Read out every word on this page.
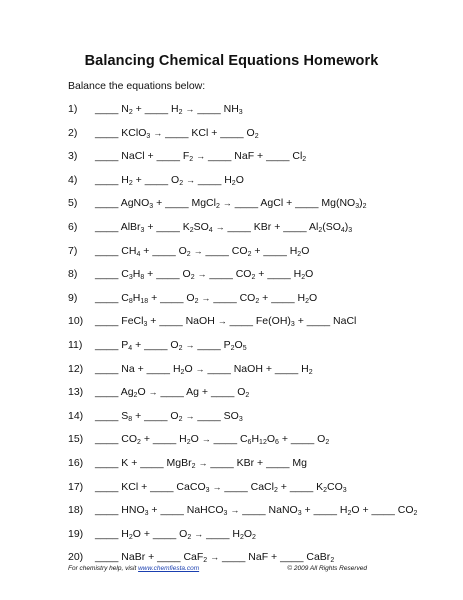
Balancing Chemical Equations Homework
Balance the equations below:
1) ____ $N_2$ + ____ $H_2$ → ____ $NH_3$
2) ____ KClO$_3$ → ____ KCl + ____ $O_2$
3) ____ NaCl + ____ $F_2$ → ____ NaF + ____ $Cl_2$
4) ____ $H_2$ + ____ $O_2$ → ____ $H_2O$
5) ____ AgNO$_3$ + ____ MgCl$_2$ → ____ AgCl + ____ $Mg(NO_3)_2$
6) ____ AlBr$_3$ + ____ $K_2SO_4$ → ____ KBr + ____ $Al_2(SO_4)_3$
7) ____ $CH_4$ + ____ $O_2$ → ____ $CO_2$ + ____ $H_2O$
8) ____ $C_3H_8$ + ____ $O_2$ → ____ $CO_2$ + ____ $H_2O$
9) ____ $C_8H_{18}$ + ____ $O_2$ → ____ $CO_2$ + ____ $H_2O$
10) ____ FeCl$_3$ + ____ NaOH → ____ $Fe(OH)_3$ + ____ NaCl
11) ____ $P_4$ + ____ $O_2$ → ____ $P_2O_5$
12) ____ Na + ____ $H_2O$ → ____ NaOH + ____ $H_2$
13) ____ $Ag_2O$ → ____ Ag + ____ $O_2$
14) ____ $S_8$ + ____ $O_2$ → ____ $SO_3$
15) ____ $CO_2$ + ____ $H_2O$ → ____ $C_6H_{12}O_6$ + ____ $O_2$
16) ____ K + ____ MgBr$_2$ → ____ KBr + ____ Mg
17) ____ KCl + ____ CaCO$_3$ → ____ CaCl$_2$ + ____ $K_2CO_3$
18) ____ $HNO_3$ + ____ NaHCO$_3$ → ____ NaNO$_3$ + ____ $H_2O$ + ____ $CO_2$
19) ____ $H_2O$ + ____ $O_2$ → ____ $H_2O_2$
20) ____ NaBr + ____ CaF$_2$ → ____ NaF + ____ CaBr$_2$
For chemistry help, visit www.chemfiesta.com	© 2009 All Rights Reserved
